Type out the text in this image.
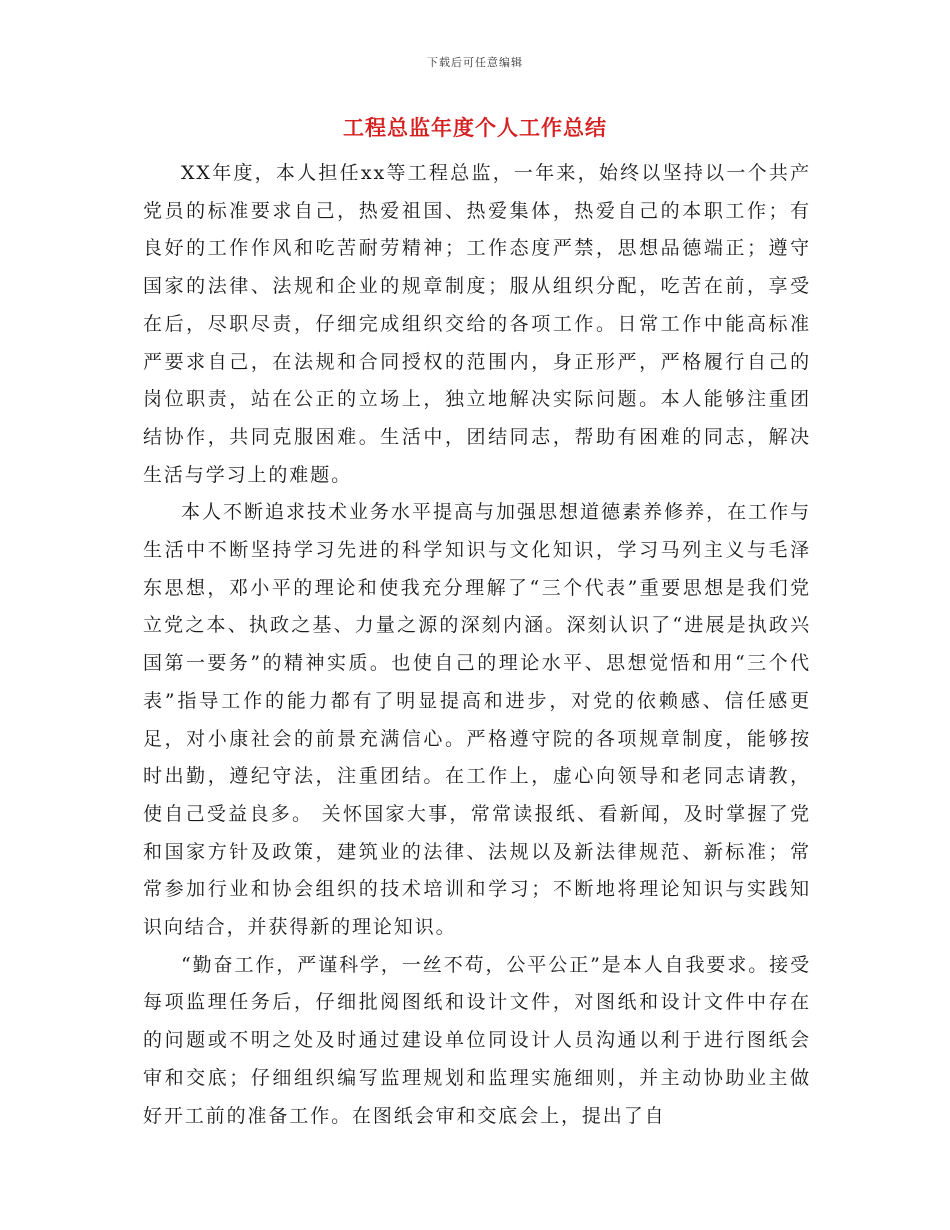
下载后可任意编辑
工程总监年度个人工作总结

XX年度，本人担任xx等工程总监，一年来，始终以坚持以一个共产党员的标准要求自己，热爱祖国、热爱集体，热爱自己的本职工作；有良好的工作作风和吃苦耐劳精神；工作态度严禁，思想品德端正；遵守国家的法律、法规和企业的规章制度；服从组织分配，吃苦在前，享受在后，尽职尽责，仔细完成组织交给的各项工作。日常工作中能高标准严要求自己，在法规和合同授权的范围内，身正形严，严格履行自己的岗位职责，站在公正的立场上，独立地解决实际问题。本人能够注重团结协作，共同克服困难。生活中，团结同志，帮助有困难的同志，解决生活与学习上的难题。

本人不断追求技术业务水平提高与加强思想道德素养修养，在工作与生活中不断坚持学习先进的科学知识与文化知识，学习马列主义与毛泽东思想，邓小平的理论和使我充分理解了“三个代表”重要思想是我们党立党之本、执政之基、力量之源的深刻内涵。深刻认识了“进展是执政兴国第一要务”的精神实质。也使自己的理论水平、思想觉悟和用“三个代表”指导工作的能力都有了明显提高和进步，对党的依赖感、信任感更足，对小康社会的前景充满信心。严格遵守院的各项规章制度，能够按时出勤，遵纪守法，注重团结。在工作上，虚心向领导和老同志请教，使自己受益良多。 关怀国家大事，常常读报纸、看新闻，及时掌握了党和国家方针及政策，建筑业的法律、法规以及新法律规范、新标准；常常参加行业和协会组织的技术培训和学习；不断地将理论知识与实践知识向结合，并获得新的理论知识。

“勤奋工作，严谨科学，一丝不苟，公平公正”是本人自我要求。接受每项监理任务后，仔细批阅图纸和设计文件，对图纸和设计文件中存在的问题或不明之处及时通过建设单位同设计人员沟通以利于进行图纸会审和交底；仔细组织编写监理规划和监理实施细则，并主动协助业主做好开工前的准备工作。在图纸会审和交底会上，提出了自
